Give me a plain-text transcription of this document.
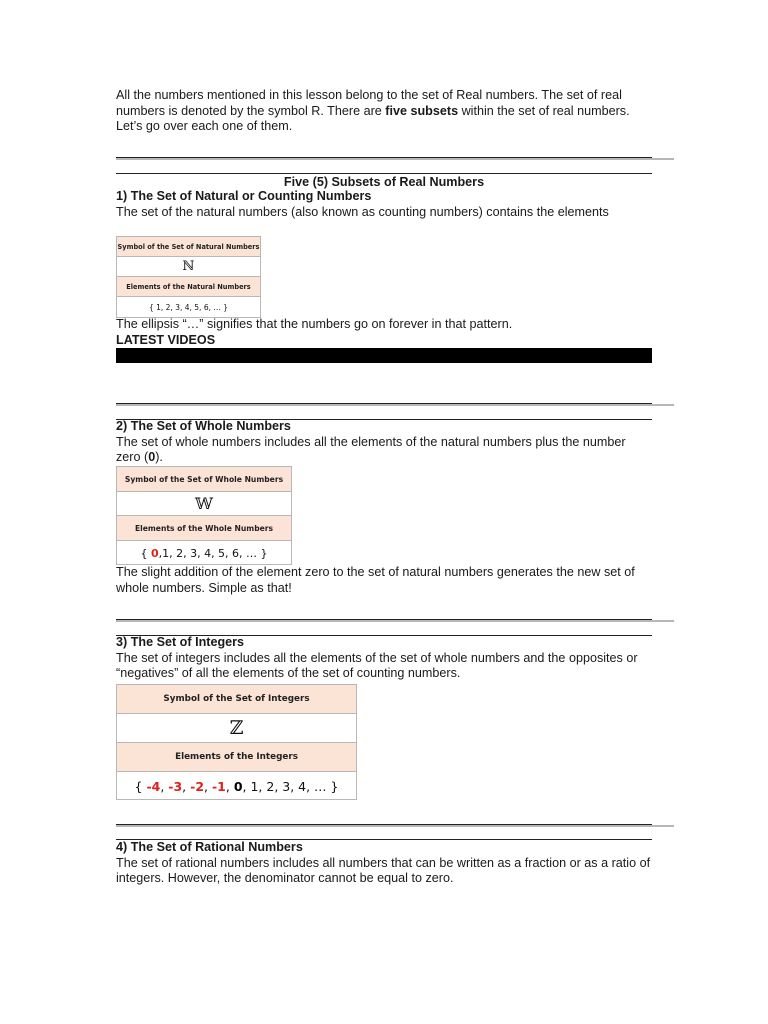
All the numbers mentioned in this lesson belong to the set of Real numbers. The set of real numbers is denoted by the symbol R. There are five subsets within the set of real numbers. Let’s go over each one of them.

Five (5) Subsets of Real Numbers

1) The Set of Natural or Counting Numbers

The set of the natural numbers (also known as counting numbers) contains the elements

Symbol of the Set of Natural Numbers
ℕ
Elements of the Natural Numbers
{ 1, 2, 3, 4, 5, 6, … }

The ellipsis “…” signifies that the numbers go on forever in that pattern.

LATEST VIDEOS

2) The Set of Whole Numbers

The set of whole numbers includes all the elements of the natural numbers plus the number zero (0).

Symbol of the Set of Whole Numbers
𝕎
Elements of the Whole Numbers
{ 0 ,1, 2, 3, 4, 5, 6, … }

The slight addition of the element zero to the set of natural numbers generates the new set of whole numbers. Simple as that!

3) The Set of Integers

The set of integers includes all the elements of the set of whole numbers and the opposites or “negatives” of all the elements of the set of counting numbers.

Symbol of the Set of Integers
ℤ
Elements of the Integers
{ -4 , -3 , -2 , -1 , 0 , 1, 2, 3, 4, … }

4) The Set of Rational Numbers

The set of rational numbers includes all numbers that can be written as a fraction or as a ratio of integers. However, the denominator cannot be equal to zero.
